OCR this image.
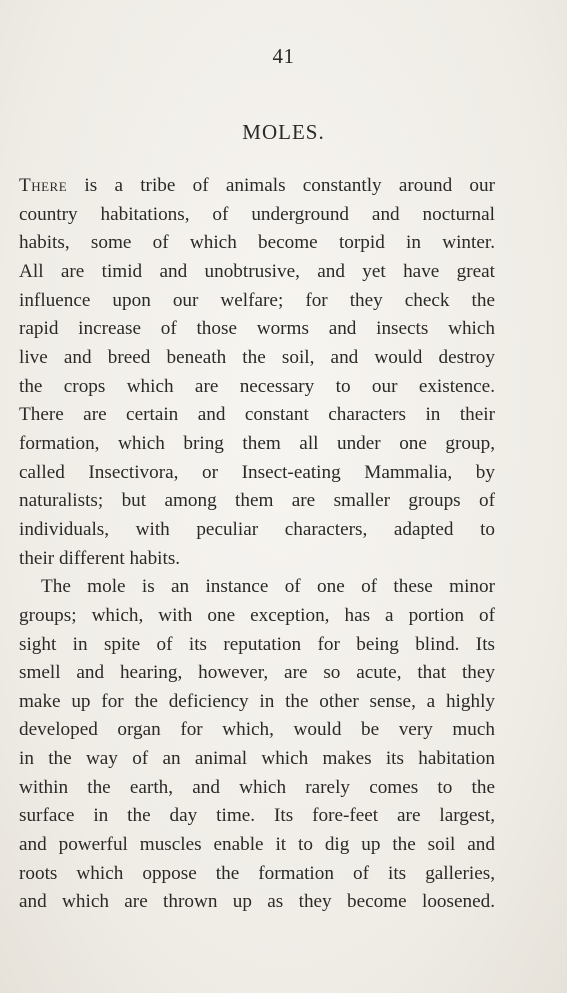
41
MOLES.
There is a tribe of animals constantly around our
country habitations, of underground and nocturnal
habits, some of which become torpid in winter.
All are timid and unobtrusive, and yet have great
influence upon our welfare; for they check the
rapid increase of those worms and insects which
live and breed beneath the soil, and would destroy
the crops which are necessary to our existence.
There are certain and constant characters in their
formation, which bring them all under one group,
called Insectivora, or Insect-eating Mammalia, by
naturalists; but among them are smaller groups of
individuals, with peculiar characters, adapted to
their different habits.
The mole is an instance of one of these minor
groups; which, with one exception, has a portion of
sight in spite of its reputation for being blind. Its
smell and hearing, however, are so acute, that they
make up for the deficiency in the other sense, a highly
developed organ for which, would be very much
in the way of an animal which makes its habitation
within the earth, and which rarely comes to the
surface in the day time. Its fore-feet are largest,
and powerful muscles enable it to dig up the soil and
roots which oppose the formation of its galleries,
and which are thrown up as they become loosened.
